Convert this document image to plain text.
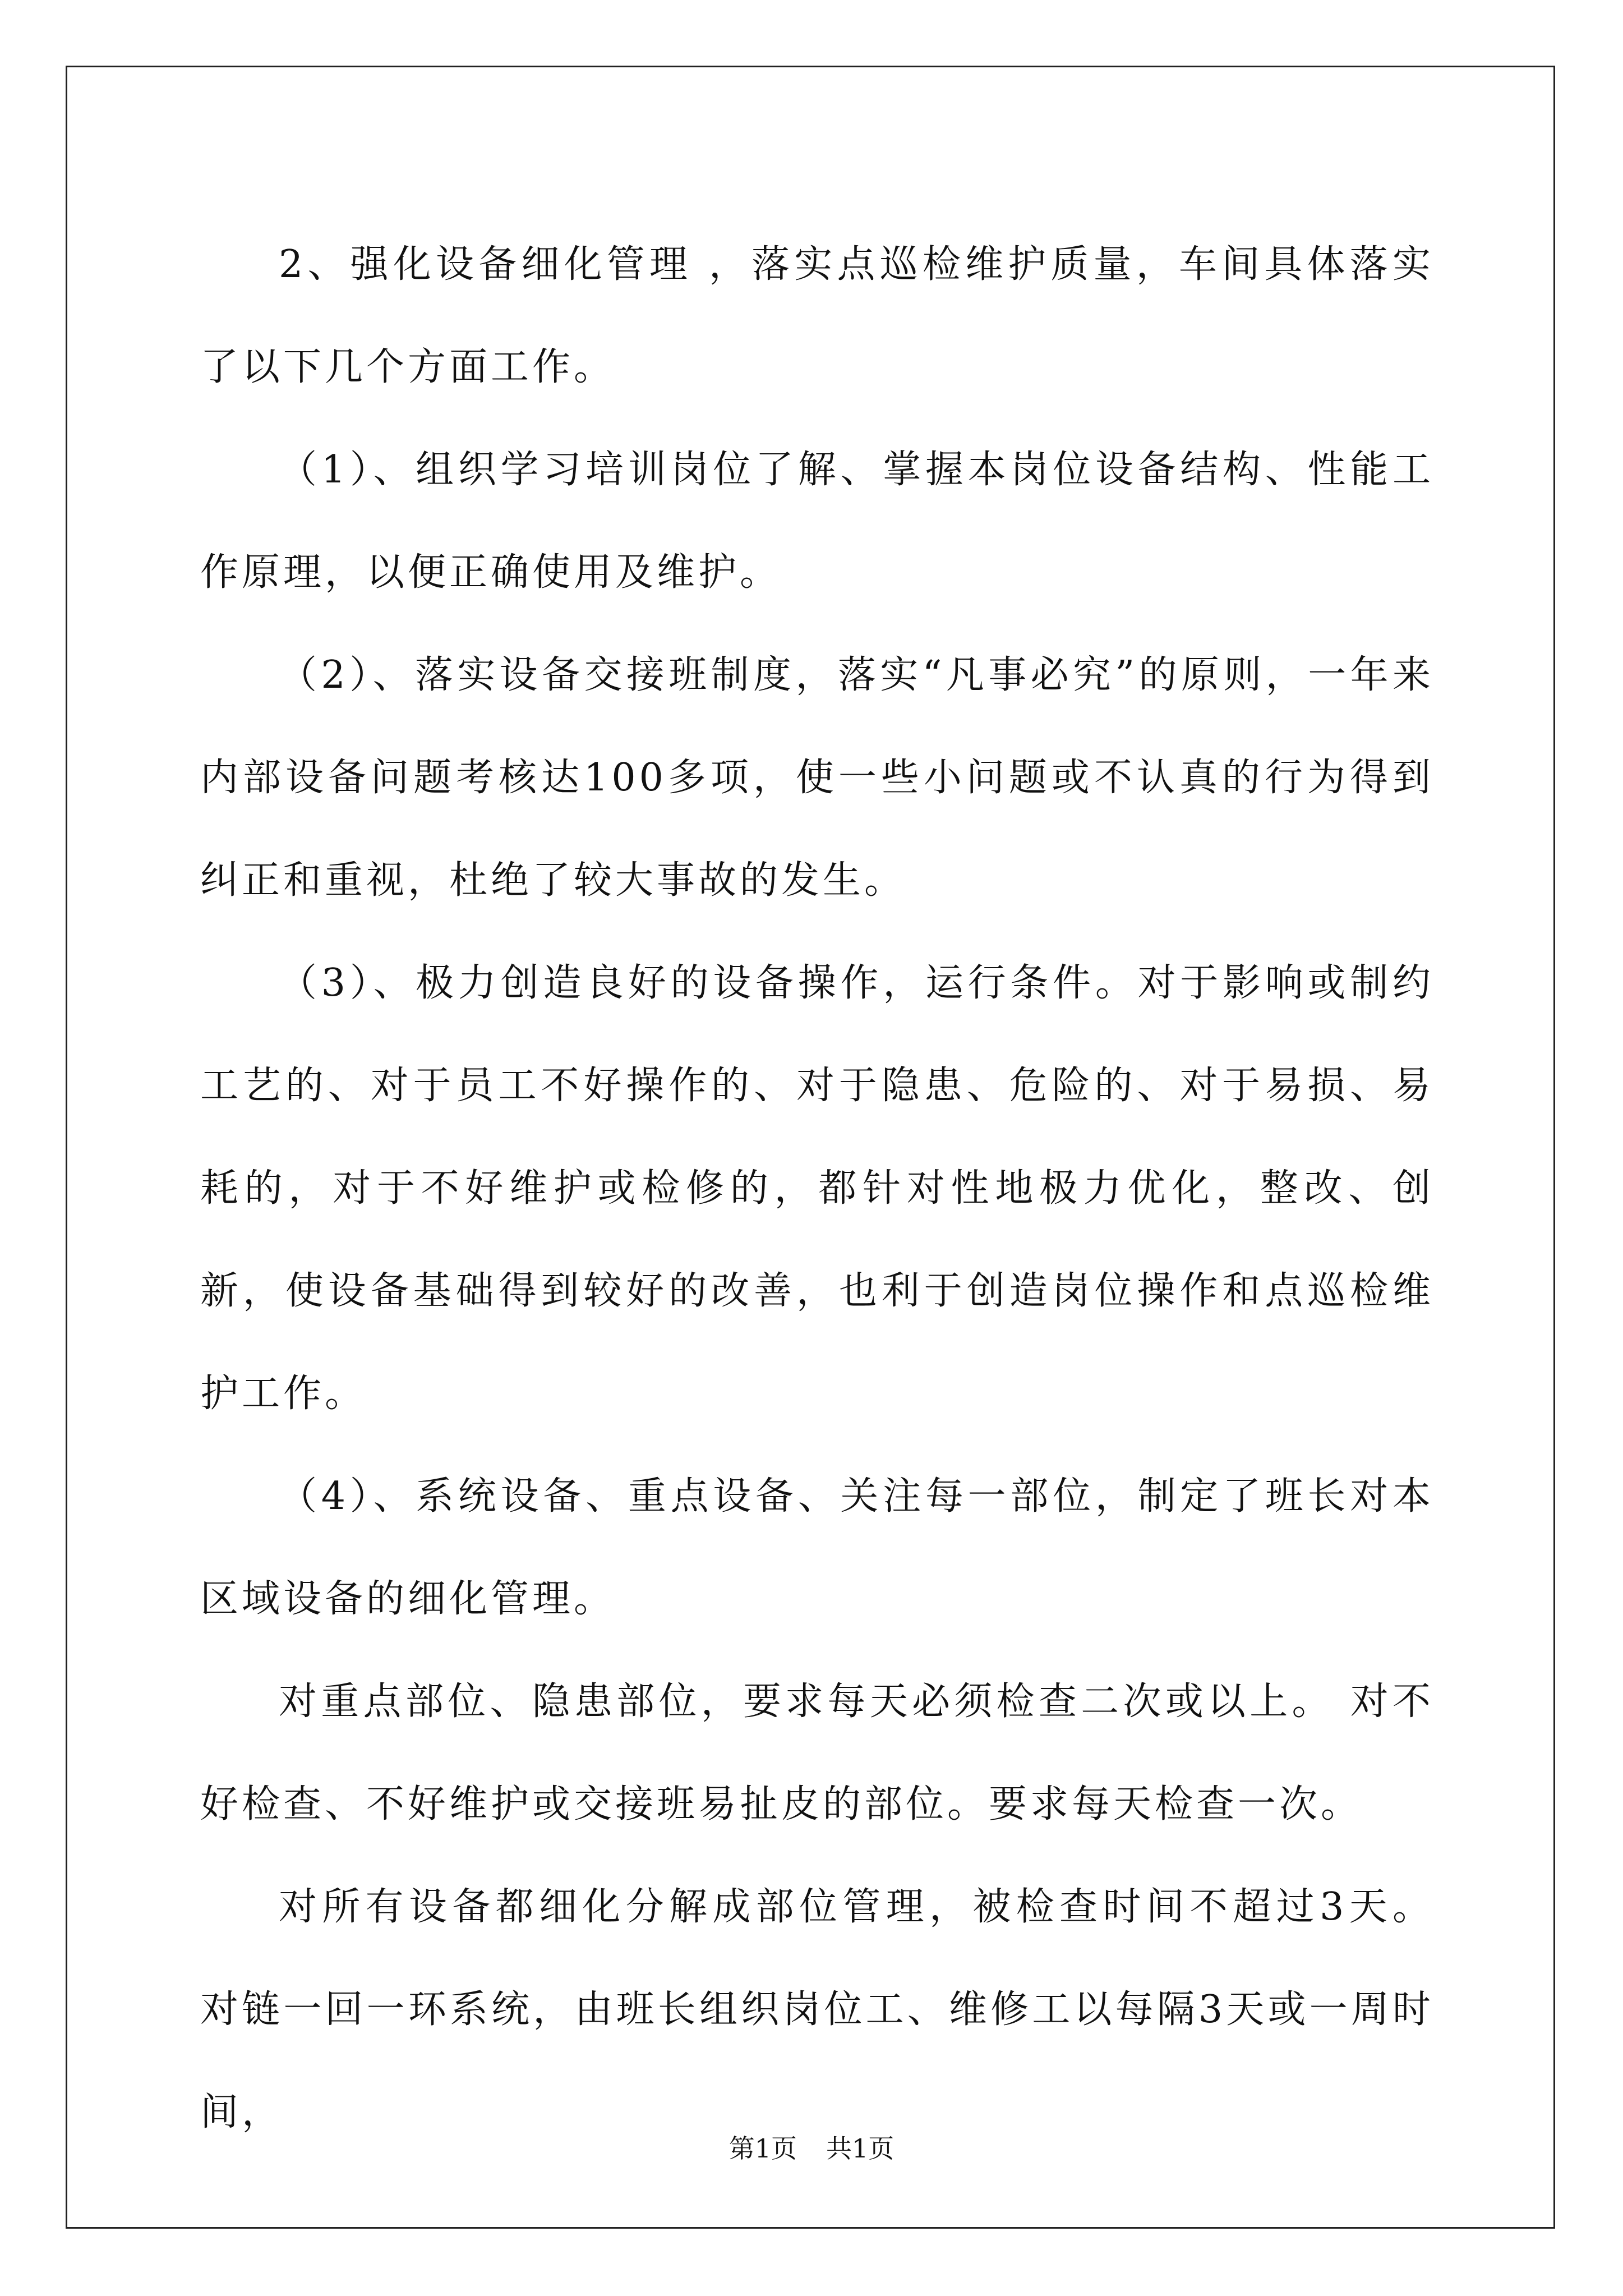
2、强化设备细化管理 ，落实点巡检维护质量，车间具体落实了以下几个方面工作。

（1）、组织学习培训岗位了解、掌握本岗位设备结构、性能工作原理，以便正确使用及维护。

（2）、落实设备交接班制度，落实“凡事必究”的原则，一年来内部设备问题考核达100多项，使一些小问题或不认真的行为得到纠正和重视，杜绝了较大事故的发生。

（3）、极力创造良好的设备操作，运行条件。对于影响或制约工艺的、对于员工不好操作的、对于隐患、危险的、对于易损、易耗的，对于不好维护或检修的，都针对性地极力优化，整改、创新，使设备基础得到较好的改善，也利于创造岗位操作和点巡检维护工作。

（4）、系统设备、重点设备、关注每一部位，制定了班长对本区域设备的细化管理。

对重点部位、隐患部位，要求每天必须检查二次或以上。 对不好检查、不好维护或交接班易扯皮的部位。要求每天检查一次。

对所有设备都细化分解成部位管理，被检查时间不超过3天。 对链一回一环系统，由班长组织岗位工、维修工以每隔3天或一周时间，

第1页 共1页
